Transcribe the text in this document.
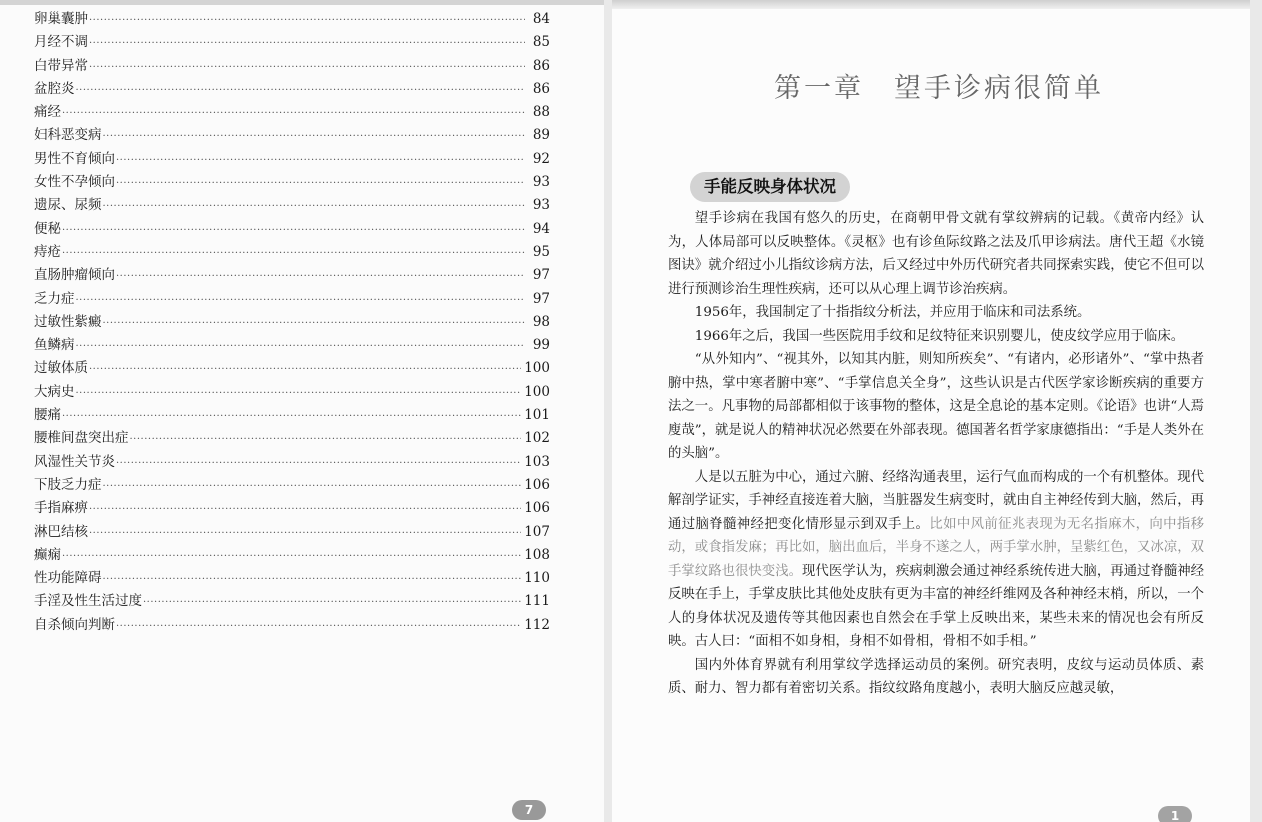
卵巢囊肿 ·····	84
月经不调 ·····	85
白带异常 ·····	86
盆腔炎 ·····	86
痛经 ·····	88
妇科恶变病 ·····	89
男性不育倾向 ·····	92
女性不孕倾向 ·····	93
遗尿、尿频 ·····	93
便秘 ·····	94
痔疮 ·····	95
直肠肿瘤倾向 ·····	97
乏力症 ·····	97
过敏性紫癜 ·····	98
鱼鳞病 ·····	99
过敏体质 ·····	100
大病史 ·····	100
腰痛 ·····	101
腰椎间盘突出症 ·····	102
风湿性关节炎 ·····	103
下肢乏力症 ·····	106
手指麻痹 ·····	106
淋巴结核 ·····	107
癫痫 ·····	108
性功能障碍 ·····	110
手淫及性生活过度 ·····	111
自杀倾向判断 ·····	112
7
第一章　望手诊病很简单
手能反映身体状况

望手诊病在我国有悠久的历史，在商朝甲骨文就有掌纹辨病的记载。《黄帝内经》认为，人体局部可以反映整体。《灵枢》也有诊鱼际纹路之法及爪甲诊病法。唐代王超《水镜图诀》就介绍过小儿指纹诊病方法，后又经过中外历代研究者共同探索实践，使它不但可以进行预测诊治生理性疾病，还可以从心理上调节诊治疾病。

1956年，我国制定了十指指纹分析法，并应用于临床和司法系统。

1966年之后，我国一些医院用手纹和足纹特征来识别婴儿，使皮纹学应用于临床。

“从外知内”、“视其外，以知其内脏，则知所疾矣”、“有诸内，必形诸外”、“掌中热者腑中热，掌中寒者腑中寒”、“手掌信息关全身”，这些认识是古代医学家诊断疾病的重要方法之一。凡事物的局部都相似于该事物的整体，这是全息论的基本定则。《论语》也讲“人焉廋哉”，就是说人的精神状况必然要在外部表现。德国著名哲学家康德指出：“手是人类外在的头脑”。

人是以五脏为中心，通过六腑、经络沟通表里，运行气血而构成的一个有机整体。现代解剖学证实，手神经直接连着大脑，当脏器发生病变时，就由自主神经传到大脑，然后，再通过脑脊髓神经把变化情形显示到双手上。比如中风前征兆表现为无名指麻木，向中指移动，或食指发麻；再比如，脑出血后，半身不遂之人，两手掌水肿，呈紫红色，又冰凉，双手掌纹路也很快变浅。现代医学认为，疾病刺激会通过神经系统传进大脑，再通过脊髓神经反映在手上，手掌皮肤比其他处皮肤有更为丰富的神经纤维网及各种神经末梢，所以，一个人的身体状况及遗传等其他因素也自然会在手掌上反映出来，某些未来的情况也会有所反映。古人曰：“面相不如身相，身相不如骨相，骨相不如手相。”

国内外体育界就有利用掌纹学选择运动员的案例。研究表明，皮纹与运动员体质、素质、耐力、智力都有着密切关系。指纹纹路角度越小，表明大脑反应越灵敏，

1
